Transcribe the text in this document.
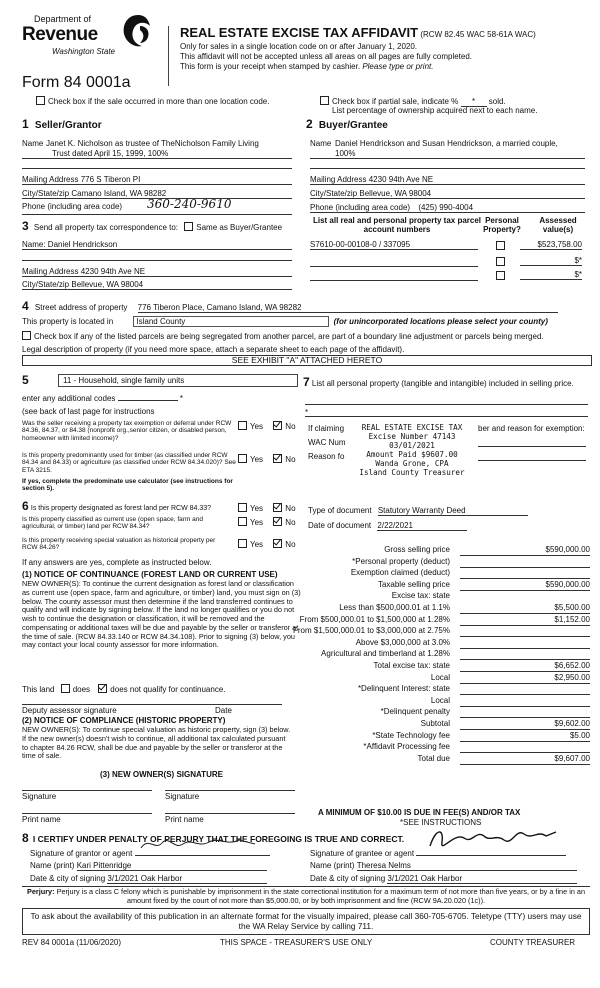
Department of
Revenue
Washington State
Form 84 0001a
REAL ESTATE EXCISE TAX AFFIDAVIT (RCW 82.45 WAC 58-61A WAC)
Only for sales in a single location code on or after January 1, 2020.
This affidavit will not be accepted unless all areas on all pages are fully completed.
This form is your receipt when stamped by cashier. Please type or print.
Check box if the sale occurred in more than one location code.	Check box if partial sale, indicate % * sold.
List percentage of ownership acquired next to each name.
1 Seller/Grantor
Name Janet K. Nicholson as trustee of TheNicholson Family Living
Trust dated April 15, 1999, 100%
Mailing Address 776 S Tiberon PI
City/State/zip Camano Island, WA 98282
Phone (including area code) 360-240-9610
2 Buyer/Grantee
Name Daniel Hendrickson and Susan Hendrickson, a married couple,
100%
Mailing Address 4230 94th Ave NE
City/State/zip Bellevue, WA 98004
Phone (including area code) (425) 990-4004
3 Send all property tax correspondence to: Same as Buyer/Grantee
Name: Daniel Hendrickson
Mailing Address 4230 94th Ave NE
City/State/zip Bellevue, WA 98004
List all real and personal property tax parcel account numbers
Personal Property?
Assessed value(s)
S7610-00-00108-0 / 337095	$523,758.00
$*
$*
4 Street address of property 776 Tiberon Place, Camano Island, WA 98282
This property is located in	Island County	(for unincorporated locations please select your county)
Check box if any of the listed parcels are being segregated from another parcel, are part of a boundary line adjustment or parcels being merged.
Legal description of property (if you need more space, attach a separate sheet to each page of the affidavit).
SEE EXHIBIT "A" ATTACHED HERETO
5	11 - Household, single family units
enter any additional codes	*
(see back of last page for instructions
Was the seller receiving a property tax exemption or deferral under RCW 84.36, 84.37, or 84.38 (nonprofit org.,senior citizen, or disabled person, homeowner with limited income)?
Yes	No
Is this property predominantly used for timber (as classified under RCW 84.34 and 84.33) or agriculture (as classified under RCW 84.34.020)? See ETA 3215.
Yes	No
If yes, complete the predominate use calculator (see instructions for section 5).
6 Is this property designated as forest land per RCW 84.33?	Yes	No
Is this property classified as current use (open space, farm and agricultural, or timber) land per RCW 84.34?	Yes	No
Is this property receiving special valuation as historical property per RCW 84.26?	Yes	No
If any answers are yes, complete as instructed below.
(1) NOTICE OF CONTINUANCE (FOREST LAND OR CURRENT USE)
NEW OWNER(S): To continue the current designation as forest land or classification as current use (open space, farm and agriculture, or timber) land, you must sign on (3) below. The county assessor must then determine if the land transferred continues to qualify and will indicate by signing below. If the land no longer qualifies or you do not wish to continue the designation or classification, it will be removed and the compensating or additional taxes will be due and payable by the seller or transferor at the time of sale. (RCW 84.33.140 or RCW 84.34.108). Prior to signing (3) below, you may contact your local county assessor for more information.
This land does	does not qualify for continuance.
Deputy assessor signature	Date
(2) NOTICE OF COMPLIANCE (HISTORIC PROPERTY)
NEW OWNER(S): To continue special valuation as historic property, sign (3) below. If the new owner(s) doesn't wish to continue, all additional tax calculated pursuant to chapter 84.26 RCW, shall be due and payable by the seller or transferor at the time of sale.
(3) NEW OWNER(S) SIGNATURE
Signature	Signature
Print name	Print name
7 List all personal property (tangible and intangible) included in selling price.
*
If claiming	ber and reason for exemption:
WAC Num
Reason fo
REAL ESTATE EXCISE TAX
Excise Number 47143
03/01/2021
Amount Paid $9607.00
Wanda Grone, CPA
Island County Treasurer
Type of document Statutory Warranty Deed
Date of document 2/22/2021
Gross selling price	$590,000.00
*Personal property (deduct)
Exemption claimed (deduct)
Taxable selling price	$590,000.00
Excise tax: state
Less than $500,000.01 at 1.1%	$5,500.00
From $500,000.01 to $1,500,000 at 1.28%	$1,152.00
From $1,500,000.01 to $3,000,000 at 2.75%
Above $3,000,000 at 3.0%
Agricultural and timberland at 1.28%
Total excise tax: state	$6,652.00
Local	$2,950.00
*Delinquent Interest: state
Local
*Delinquent penalty
Subtotal	$9,602.00
*State Technology fee	$5.00
*Affidavit Processing fee
Total due	$9,607.00
A MINIMUM OF $10.00 IS DUE IN FEE(S) AND/OR TAX
*SEE INSTRUCTIONS
8 I CERTIFY UNDER PENALTY OF PERJURY THAT THE FOREGOING IS TRUE AND CORRECT.
Signature of grantor or agent	Signature of grantee or agent
Name (print) Kari Pittenridge	Name (print) Theresa Nelms
Date & city of signing 3/1/2021 Oak Harbor	Date & city of signing 3/1/2021 Oak Harbor
Perjury: Perjury is a class C felony which is punishable by imprisonment in the state correctional institution for a maximum term of not more than five years, or by a fine in an amount fixed by the court of not more than $5,000.00, or by both imprisonment and fine (RCW 9A.20.020 (1c)).
To ask about the availability of this publication in an alternate format for the visually impaired, please call 360-705-6705. Teletype (TTY) users may use the WA Relay Service by calling 711.
REV 84 0001a (11/06/2020)	THIS SPACE - TREASURER'S USE ONLY	COUNTY TREASURER
